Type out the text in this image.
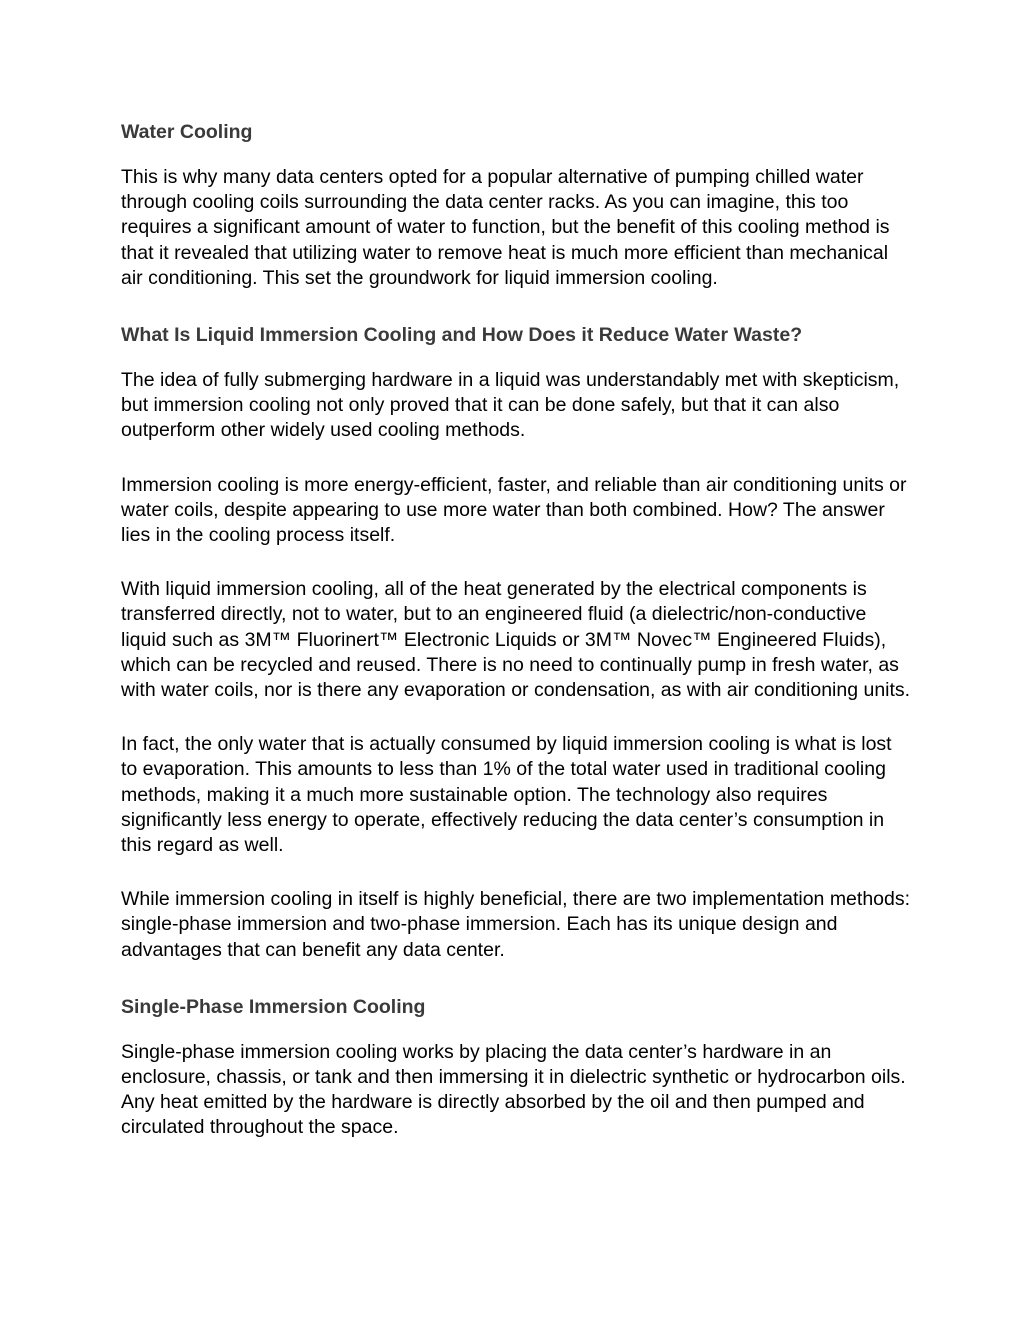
Water Cooling

This is why many data centers opted for a popular alternative of pumping chilled water through cooling coils surrounding the data center racks. As you can imagine, this too requires a significant amount of water to function, but the benefit of this cooling method is that it revealed that utilizing water to remove heat is much more efficient than mechanical air conditioning. This set the groundwork for liquid immersion cooling.

What Is Liquid Immersion Cooling and How Does it Reduce Water Waste?

The idea of fully submerging hardware in a liquid was understandably met with skepticism, but immersion cooling not only proved that it can be done safely, but that it can also outperform other widely used cooling methods.

Immersion cooling is more energy-efficient, faster, and reliable than air conditioning units or water coils, despite appearing to use more water than both combined. How? The answer lies in the cooling process itself.

With liquid immersion cooling, all of the heat generated by the electrical components is transferred directly, not to water, but to an engineered fluid (a dielectric/non-conductive liquid such as 3M™ Fluorinert™ Electronic Liquids or 3M™ Novec™ Engineered Fluids), which can be recycled and reused. There is no need to continually pump in fresh water, as with water coils, nor is there any evaporation or condensation, as with air conditioning units.

In fact, the only water that is actually consumed by liquid immersion cooling is what is lost to evaporation. This amounts to less than 1% of the total water used in traditional cooling methods, making it a much more sustainable option. The technology also requires significantly less energy to operate, effectively reducing the data center’s consumption in this regard as well.

While immersion cooling in itself is highly beneficial, there are two implementation methods: single-phase immersion and two-phase immersion. Each has its unique design and advantages that can benefit any data center.

Single-Phase Immersion Cooling

Single-phase immersion cooling works by placing the data center’s hardware in an enclosure, chassis, or tank and then immersing it in dielectric synthetic or hydrocarbon oils. Any heat emitted by the hardware is directly absorbed by the oil and then pumped and circulated throughout the space.
